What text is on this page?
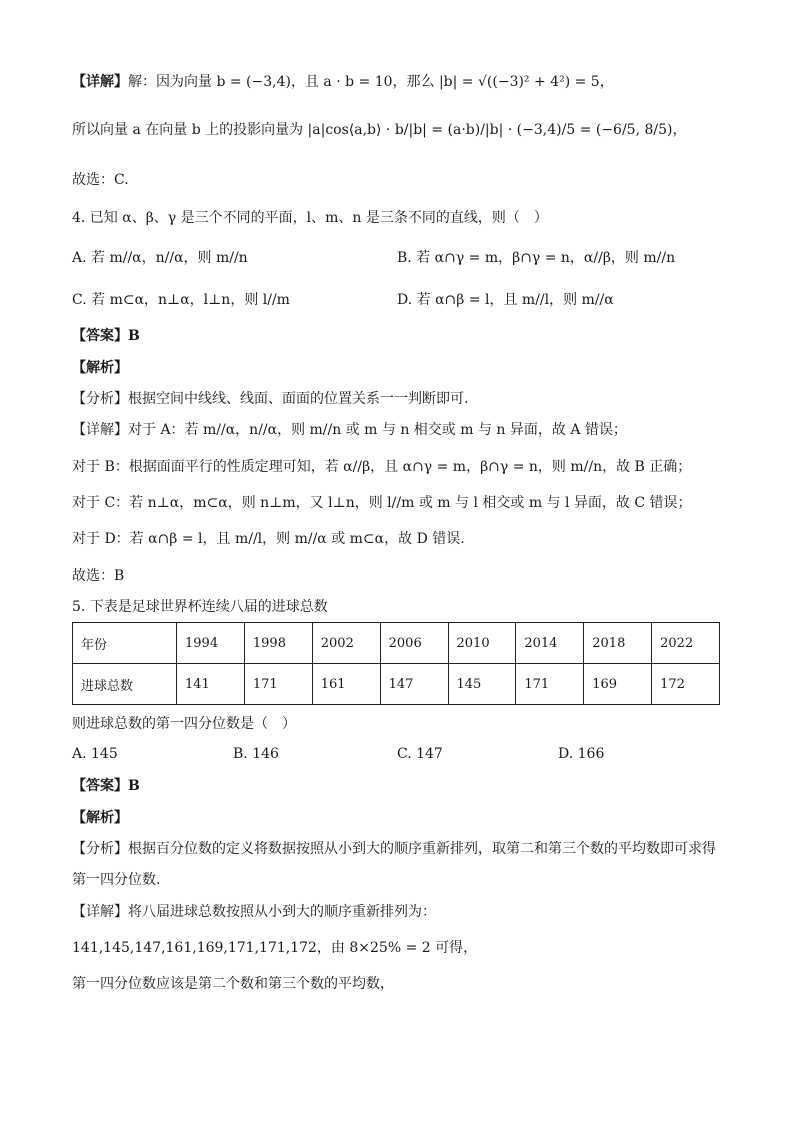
【详解】解：因为向量 b = (−3,4)，且 a · b = 10，那么 |b| = √((−3)² + 4²) = 5，
所以向量 a 在向量 b 上的投影向量为 |a|cos⟨a,b⟩ · b/|b| = (a·b)/|b| · (−3,4)/5 = (−6/5, 8/5)，
故选：C.
4. 已知 α、β、γ 是三个不同的平面，l、m、n 是三条不同的直线，则（　）
A. 若 m//α，n//α，则 m//n	B. 若 α∩γ = m，β∩γ = n，α//β，则 m//n
C. 若 m⊂α，n⊥α，l⊥n，则 l//m	D. 若 α∩β = l，且 m//l，则 m//α
【答案】B
【解析】
【分析】根据空间中线线、线面、面面的位置关系一一判断即可.
【详解】对于 A：若 m//α，n//α，则 m//n 或 m 与 n 相交或 m 与 n 异面，故 A 错误；
对于 B：根据面面平行的性质定理可知，若 α//β，且 α∩γ = m，β∩γ = n，则 m//n，故 B 正确；
对于 C：若 n⊥α，m⊂α，则 n⊥m，又 l⊥n，则 l//m 或 m 与 l 相交或 m 与 l 异面，故 C 错误；
对于 D：若 α∩β = l，且 m//l，则 m//α 或 m⊂α，故 D 错误.
故选：B
5. 下表是足球世界杯连续八届的进球总数
年份	1994	1998	2002	2006	2010	2014	2018	2022
进球总数	141	171	161	147	145	171	169	172
则进球总数的第一四分位数是（　）
A. 145	B. 146	C. 147	D. 166
【答案】B
【解析】
【分析】根据百分位数的定义将数据按照从小到大的顺序重新排列，取第二和第三个数的平均数即可求得
第一四分位数.
【详解】将八届进球总数按照从小到大的顺序重新排列为：
141,145,147,161,169,171,171,172，由 8×25% = 2 可得，
第一四分位数应该是第二个数和第三个数的平均数，
